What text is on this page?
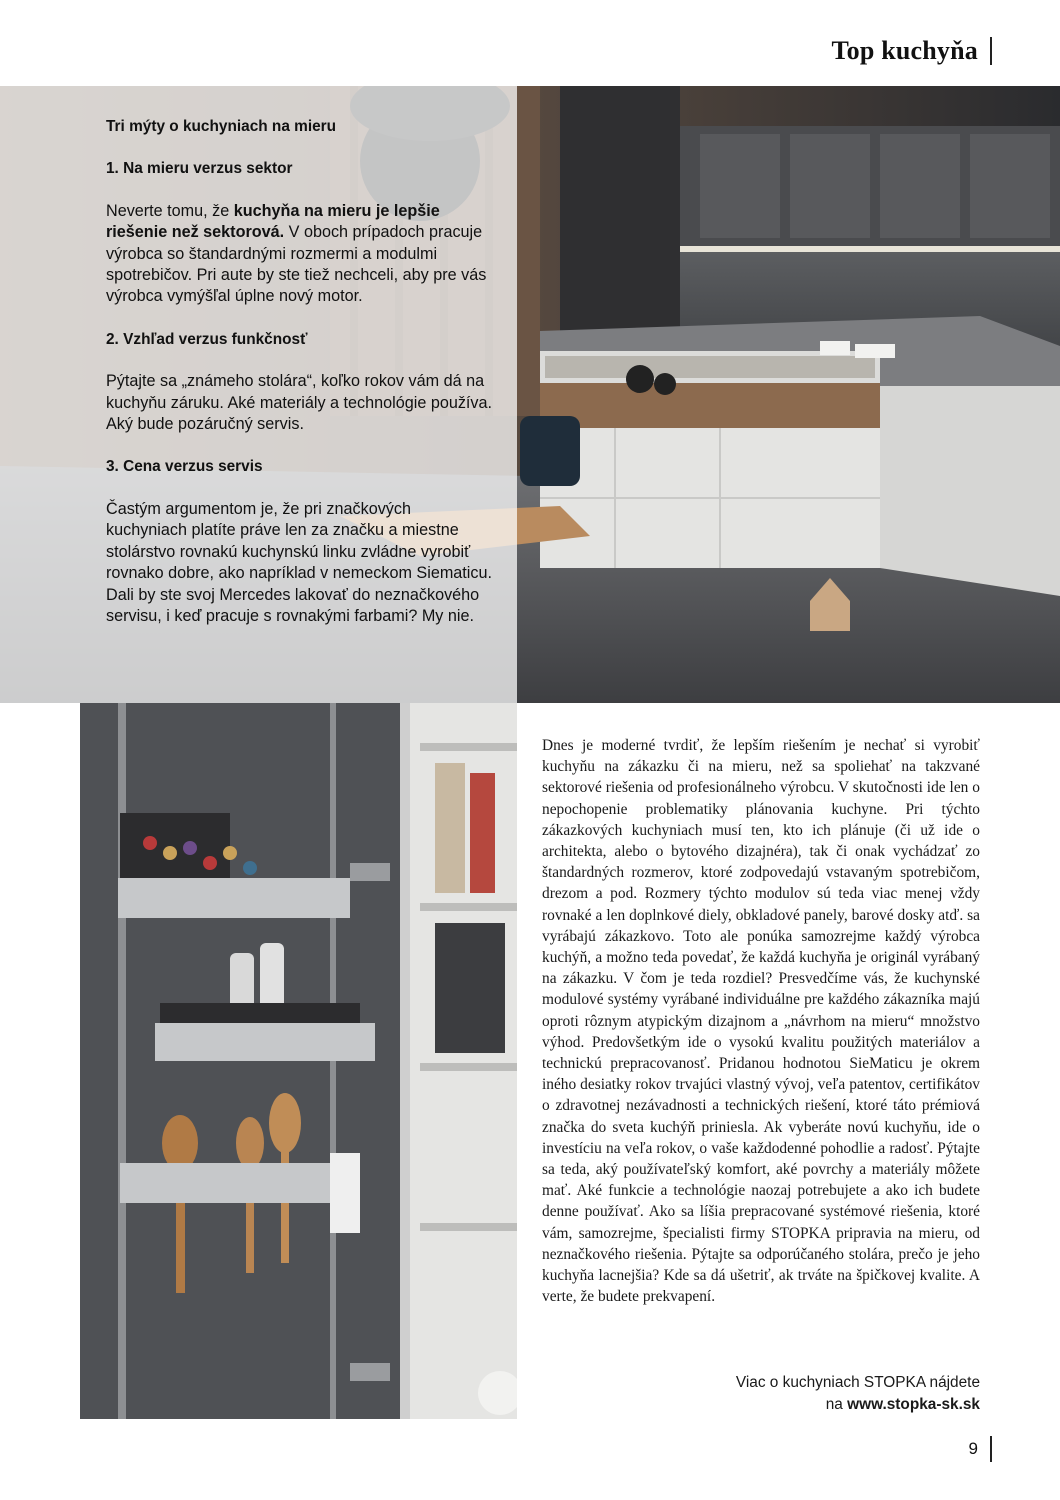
Top kuchyňa

Tri mýty o kuchyniach na mieru

1. Na mieru verzus sektor

Neverte tomu, že kuchyňa na mieru je lepšie riešenie než sektorová. V oboch prípadoch pracuje výrobca so štandardnými rozmermi a modulmi spotrebičov. Pri aute by ste tiež nechceli, aby pre vás výrobca vymýšľal úplne nový motor.

2. Vzhľad verzus funkčnosť

Pýtajte sa „známeho stolára“, koľko rokov vám dá na kuchyňu záruku. Aké materiály a technológie používa. Aký bude pozáručný servis.

3. Cena verzus servis

Častým argumentom je, že pri značkových kuchyniach platíte práve len za značku a miestne stolárstvo rovnakú kuchynskú linku zvládne vyrobiť rovnako dobre, ako napríklad v nemeckom Siematicu. Dali by ste svoj Mercedes lakovať do neznačkového servisu, i keď pracuje s rovnakými farbami? My nie.

Dnes je moderné tvrdiť, že lepším riešením je nechať si vyrobiť kuchyňu na zákazku či na mieru, než sa spoliehať na takzvané sektorové riešenia od profesionálneho výrobcu. V skutočnosti ide len o nepochopenie problematiky plánovania kuchyne. Pri týchto zákazkových kuchyniach musí ten, kto ich plánuje (či už ide o architekta, alebo o bytového dizajnéra), tak či onak vychádzať zo štandardných rozmerov, ktoré zodpovedajú vstavaným spotrebičom, drezom a pod. Rozmery týchto modulov sú teda viac menej vždy rovnaké a len doplnkové diely, obkladové panely, barové dosky atď. sa vyrábajú zákazkovo. Toto ale ponúka samozrejme každý výrobca kuchýň, a možno teda povedať, že každá kuchyňa je originál vyrábaný na zákazku. V čom je teda rozdiel? Presvedčíme vás, že kuchynské modulové systémy vyrábané individuálne pre každého zákazníka majú oproti rôznym atypickým dizajnom a „návrhom na mieru“ množstvo výhod. Predovšetkým ide o vysokú kvalitu použitých materiálov a technickú prepracovanosť. Pridanou hodnotou SieMaticu je okrem iného desiatky rokov trvajúci vlastný vývoj, veľa patentov, certifikátov o zdravotnej nezávadnosti a technických riešení, ktoré táto prémiová značka do sveta kuchýň priniesla. Ak vyberáte novú kuchyňu, ide o investíciu na veľa rokov, o vaše každodenné pohodlie a radosť. Pýtajte sa teda, aký používateľský komfort, aké povrchy a materiály môžete mať. Aké funkcie a technológie naozaj potrebujete a ako ich budete denne používať. Ako sa líšia prepracované systémové riešenia, ktoré vám, samozrejme, špecialisti firmy STOPKA pripravia na mieru, od neznačkového riešenia. Pýtajte sa odporúčaného stolára, prečo je jeho kuchyňa lacnejšia? Kde sa dá ušetriť, ak trváte na špičkovej kvalite. A verte, že budete prekvapení.
Viac o kuchyniach STOPKA nájdete
na www.stopka-sk.sk
9
